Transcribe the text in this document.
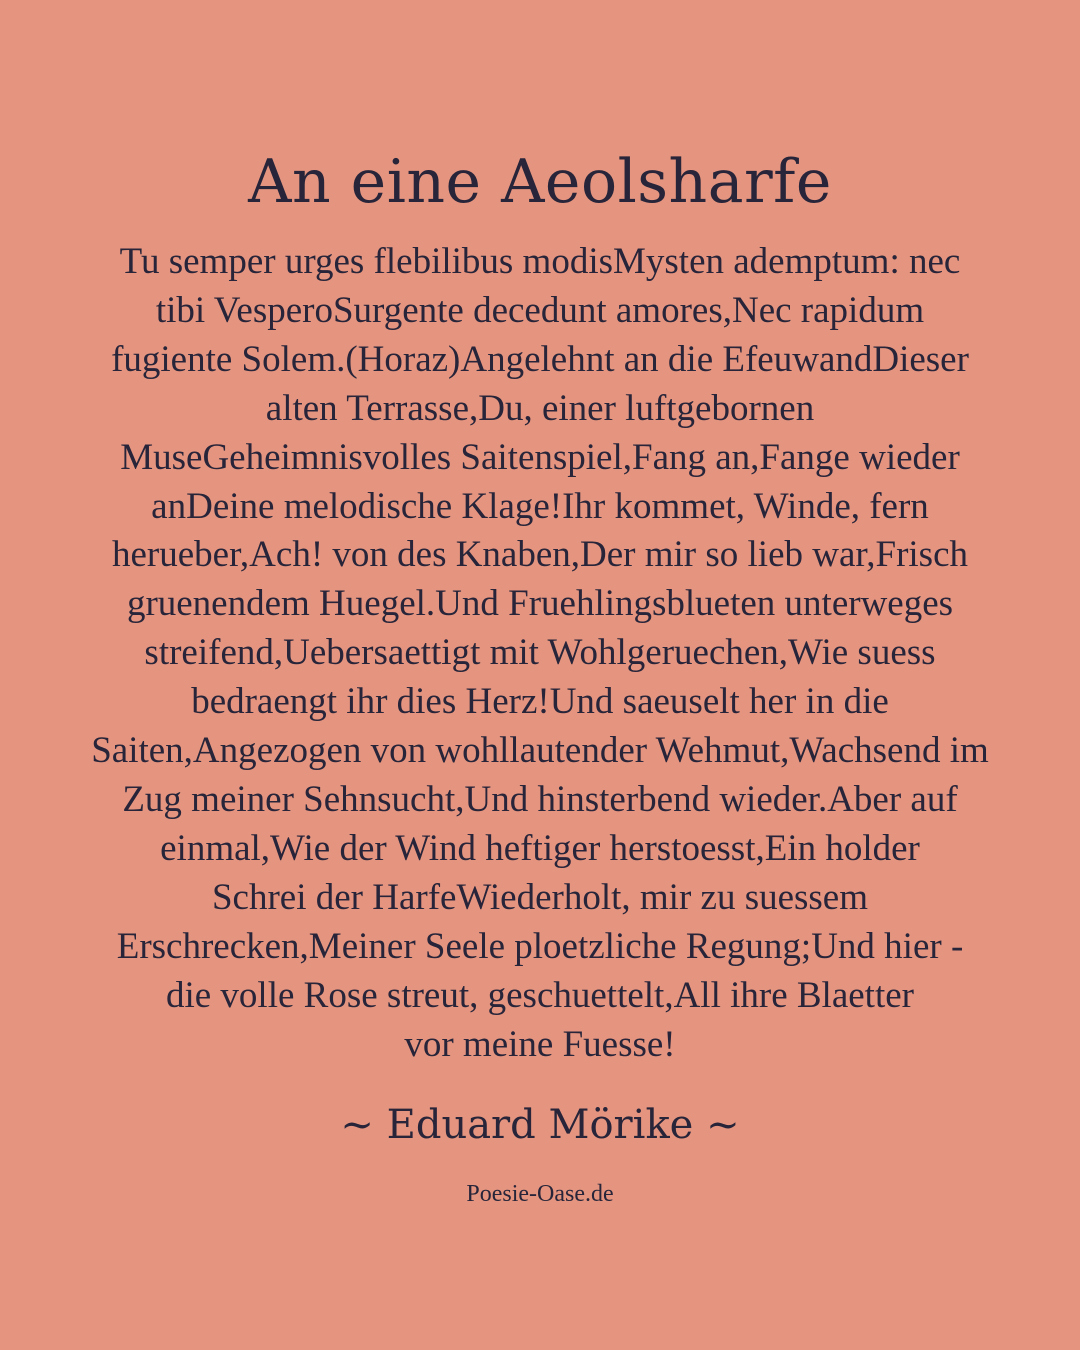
An eine Aeolsharfe
Tu semper urges flebilibus modisMysten ademptum: nec
tibi VesperoSurgente decedunt amores,Nec rapidum
fugiente Solem.(Horaz)Angelehnt an die EfeuwandDieser
alten Terrasse,Du, einer luftgebornen
MuseGeheimnisvolles Saitenspiel,Fang an,Fange wieder
anDeine melodische Klage!Ihr kommet, Winde, fern
herueber,Ach! von des Knaben,Der mir so lieb war,Frisch
gruenendem Huegel.Und Fruehlingsblueten unterweges
streifend,Uebersaettigt mit Wohlgeruechen,Wie suess
bedraengt ihr dies Herz!Und saeuselt her in die
Saiten,Angezogen von wohllautender Wehmut,Wachsend im
Zug meiner Sehnsucht,Und hinsterbend wieder.Aber auf
einmal,Wie der Wind heftiger herstoesst,Ein holder
Schrei der HarfeWiederholt, mir zu suessem
Erschrecken,Meiner Seele ploetzliche Regung;Und hier -
die volle Rose streut, geschuettelt,All ihre Blaetter
vor meine Fuesse!

~ Eduard Mörike ~

Poesie-Oase.de
